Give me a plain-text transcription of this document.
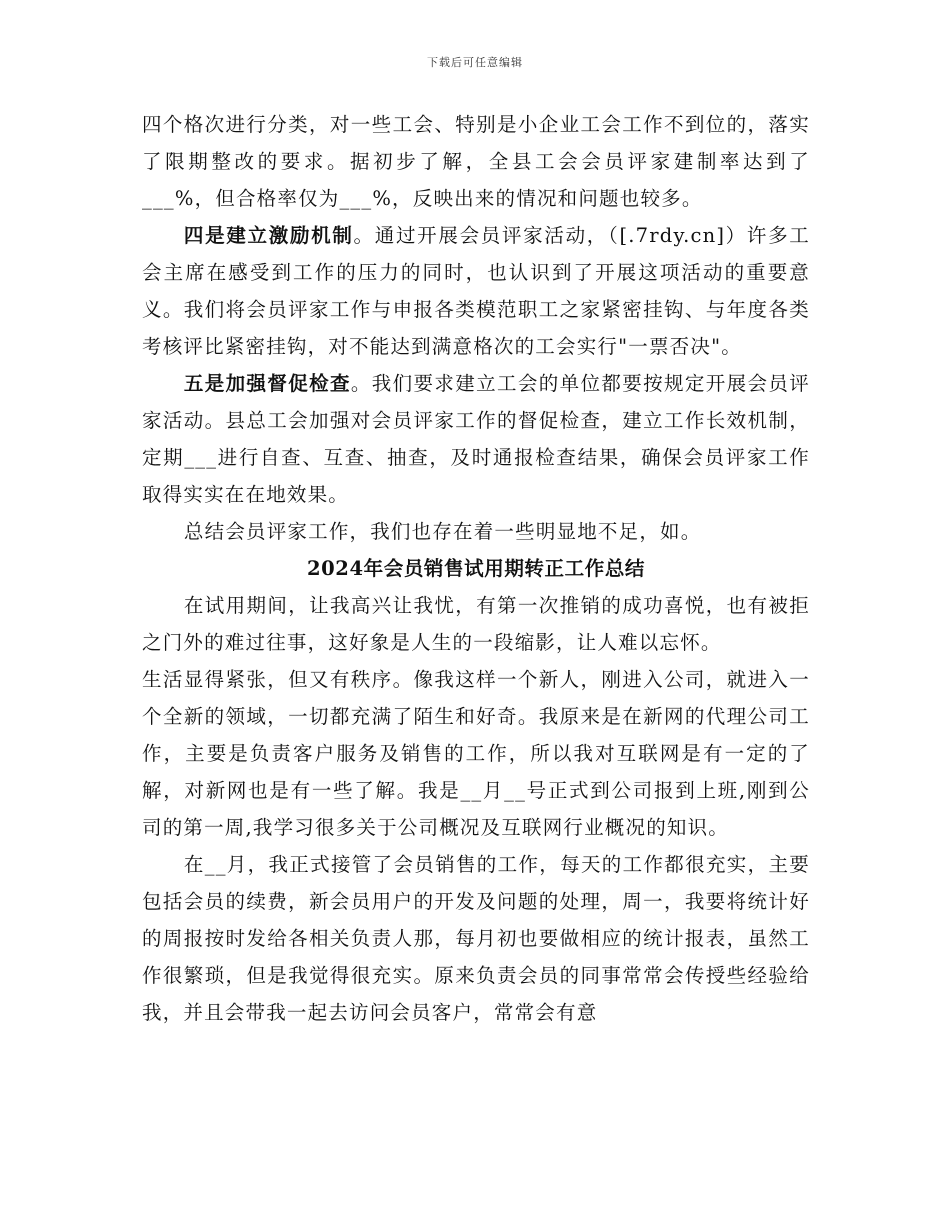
下载后可任意编辑

四个格次进行分类，对一些工会、特别是小企业工会工作不到位的，落实了限期整改的要求。据初步了解，全县工会会员评家建制率达到了___%，但合格率仅为___%，反映出来的情况和问题也较多。

四是建立激励机制。通过开展会员评家活动，（[.7rdy.cn]）许多工会主席在感受到工作的压力的同时，也认识到了开展这项活动的重要意义。我们将会员评家工作与申报各类模范职工之家紧密挂钩、与年度各类考核评比紧密挂钩，对不能达到满意格次的工会实行"一票否决"。

五是加强督促检查。我们要求建立工会的单位都要按规定开展会员评家活动。县总工会加强对会员评家工作的督促检查，建立工作长效机制，定期___进行自查、互查、抽查，及时通报检查结果，确保会员评家工作取得实实在在地效果。

总结会员评家工作，我们也存在着一些明显地不足，如。

2024年会员销售试用期转正工作总结

在试用期间，让我高兴让我忧，有第一次推销的成功喜悦，也有被拒之门外的难过往事，这好象是人生的一段缩影，让人难以忘怀。

生活显得紧张，但又有秩序。像我这样一个新人，刚进入公司，就进入一个全新的领域，一切都充满了陌生和好奇。我原来是在新网的代理公司工作，主要是负责客户服务及销售的工作，所以我对互联网是有一定的了解，对新网也是有一些了解。我是__月__号正式到公司报到上班,刚到公司的第一周,我学习很多关于公司概况及互联网行业概况的知识。

在__月，我正式接管了会员销售的工作，每天的工作都很充实，主要包括会员的续费，新会员用户的开发及问题的处理，周一，我要将统计好的周报按时发给各相关负责人那，每月初也要做相应的统计报表，虽然工作很繁琐，但是我觉得很充实。原来负责会员的同事常常会传授些经验给我，并且会带我一起去访问会员客户，常常会有意
